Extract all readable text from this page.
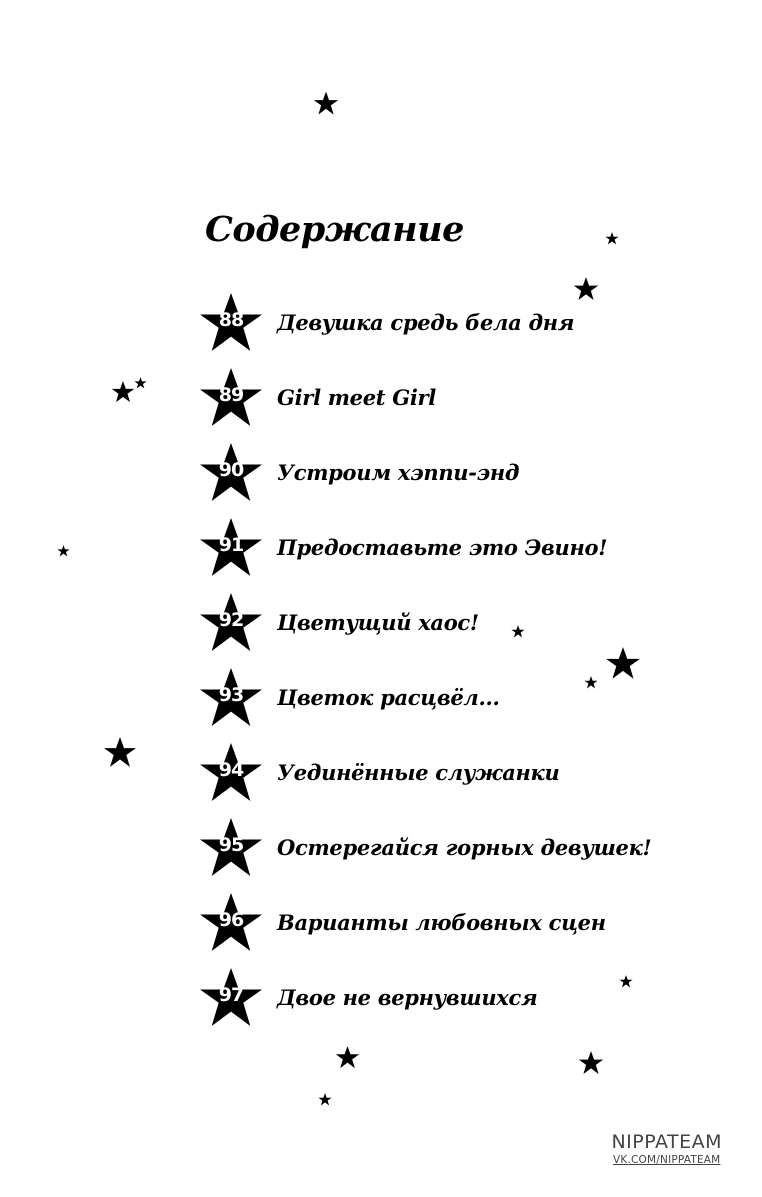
Содержание
88	Девушка средь бела дня
89	Girl meet Girl
90	Устроим хэппи-энд
91	Предоставьте это Эвино!
92	Цветущий хаос!
93	Цветок расцвёл...
94	Уединённые служанки
95	Остерегайся горных девушек!
96	Варианты любовных сцен
97	Двое не вернувшихся
NIPPATEAM
VK.COM/NIPPATEAM
